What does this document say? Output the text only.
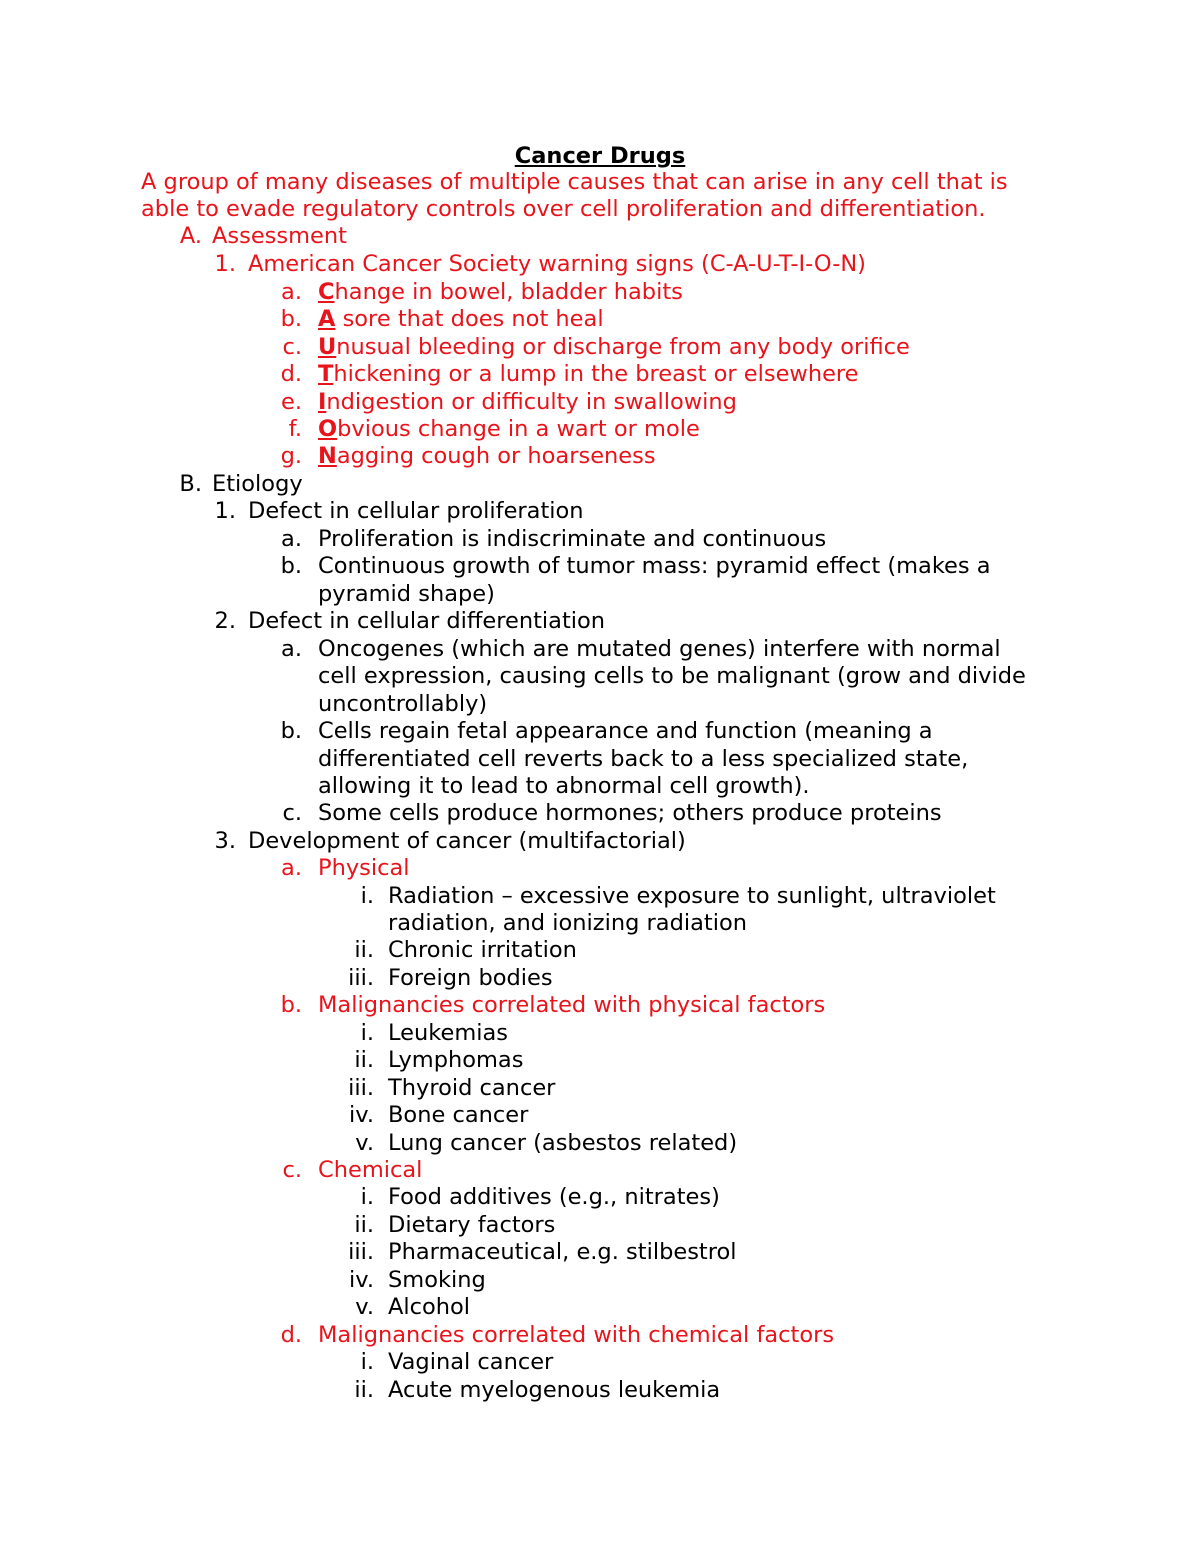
Cancer Drugs
A group of many diseases of multiple causes that can arise in any cell that is
able to evade regulatory controls over cell proliferation and differentiation.
A. Assessment
1. American Cancer Society warning signs (C-A-U-T-I-O-N)
a. Change in bowel, bladder habits
b. A sore that does not heal
c. Unusual bleeding or discharge from any body orifice
d. Thickening or a lump in the breast or elsewhere
e. Indigestion or difficulty in swallowing
f. Obvious change in a wart or mole
g. Nagging cough or hoarseness
B. Etiology
1. Defect in cellular proliferation
a. Proliferation is indiscriminate and continuous
b. Continuous growth of tumor mass: pyramid effect (makes a
pyramid shape)
2. Defect in cellular differentiation
a. Oncogenes (which are mutated genes) interfere with normal
cell expression, causing cells to be malignant (grow and divide
uncontrollably)
b. Cells regain fetal appearance and function (meaning a
differentiated cell reverts back to a less specialized state,
allowing it to lead to abnormal cell growth).
c. Some cells produce hormones; others produce proteins
3. Development of cancer (multifactorial)
a. Physical
i. Radiation – excessive exposure to sunlight, ultraviolet
radiation, and ionizing radiation
ii. Chronic irritation
iii. Foreign bodies
b. Malignancies correlated with physical factors
i. Leukemias
ii. Lymphomas
iii. Thyroid cancer
iv. Bone cancer
v. Lung cancer (asbestos related)
c. Chemical
i. Food additives (e.g., nitrates)
ii. Dietary factors
iii. Pharmaceutical, e.g. stilbestrol
iv. Smoking
v. Alcohol
d. Malignancies correlated with chemical factors
i. Vaginal cancer
ii. Acute myelogenous leukemia
